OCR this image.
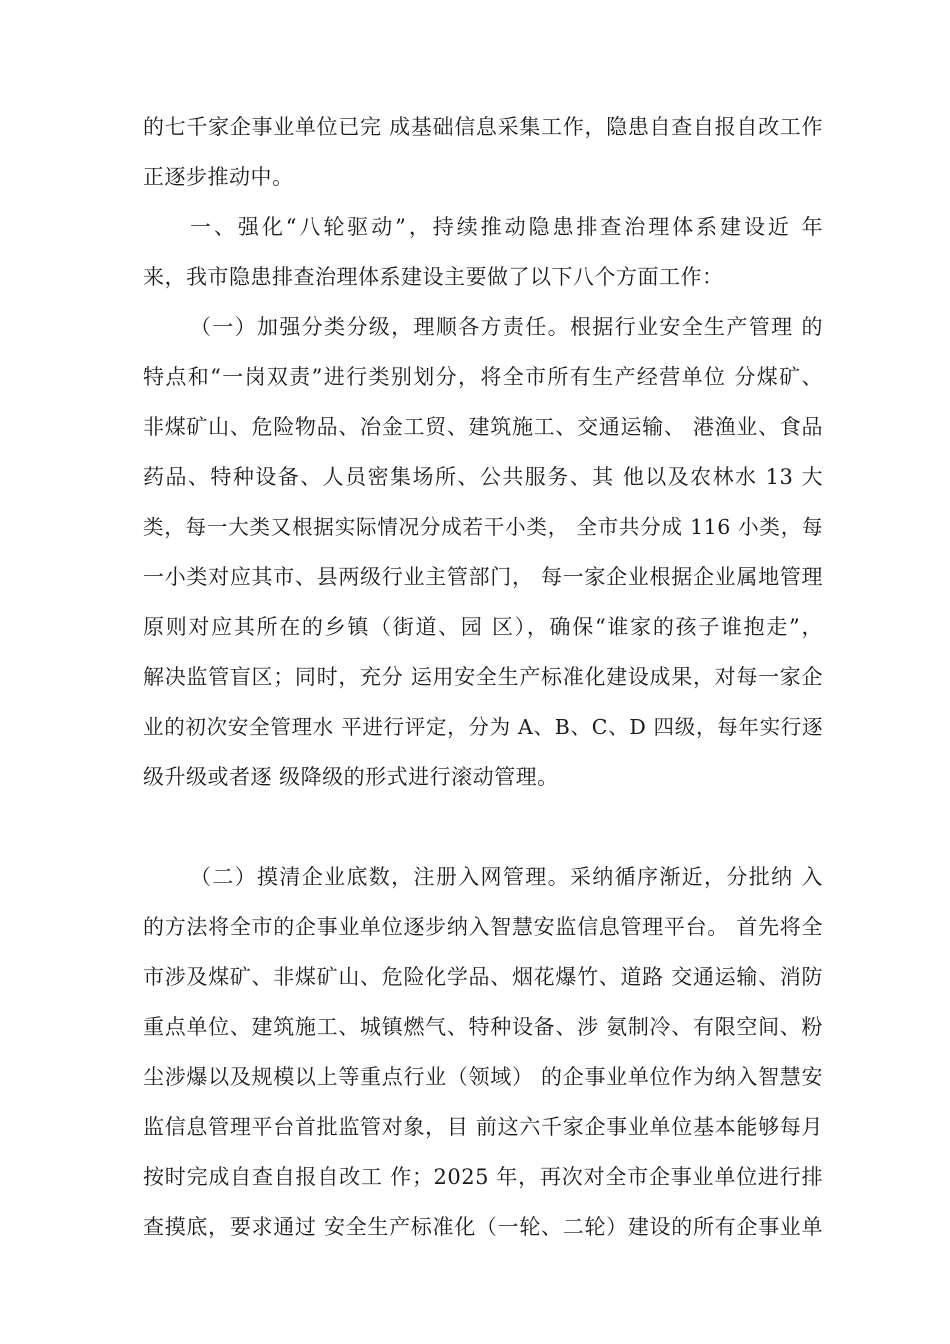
的七千家企事业单位已完 成基础信息采集工作，隐患自查自报自改工作
正逐步推动中。
一、强化“八轮驱动”，持续推动隐患排查治理体系建设近 年
来，我市隐患排查治理体系建设主要做了以下八个方面工作：
（一）加强分类分级，理顺各方责任。根据行业安全生产管理 的
特点和“一岗双责”进行类别划分，将全市所有生产经营单位 分煤矿、
非煤矿山、危险物品、冶金工贸、建筑施工、交通运输、 港渔业、食品
药品、特种设备、人员密集场所、公共服务、其 他以及农林水 13 大
类，每一大类又根据实际情况分成若干小类， 全市共分成 116 小类，每
一小类对应其市、县两级行业主管部门， 每一家企业根据企业属地管理
原则对应其所在的乡镇（街道、园 区），确保“谁家的孩子谁抱走”，
解决监管盲区；同时，充分 运用安全生产标准化建设成果，对每一家企
业的初次安全管理水 平进行评定，分为 A、B、C、D 四级，每年实行逐
级升级或者逐 级降级的形式进行滚动管理。
（二）摸清企业底数，注册入网管理。采纳循序渐近，分批纳 入
的方法将全市的企事业单位逐步纳入智慧安监信息管理平台。 首先将全
市涉及煤矿、非煤矿山、危险化学品、烟花爆竹、道路 交通运输、消防
重点单位、建筑施工、城镇燃气、特种设备、涉 氨制冷、有限空间、粉
尘涉爆以及规模以上等重点行业（领域） 的企事业单位作为纳入智慧安
监信息管理平台首批监管对象，目 前这六千家企事业单位基本能够每月
按时完成自查自报自改工 作；2025 年，再次对全市企事业单位进行排
查摸底，要求通过 安全生产标准化（一轮、二轮）建设的所有企事业单
